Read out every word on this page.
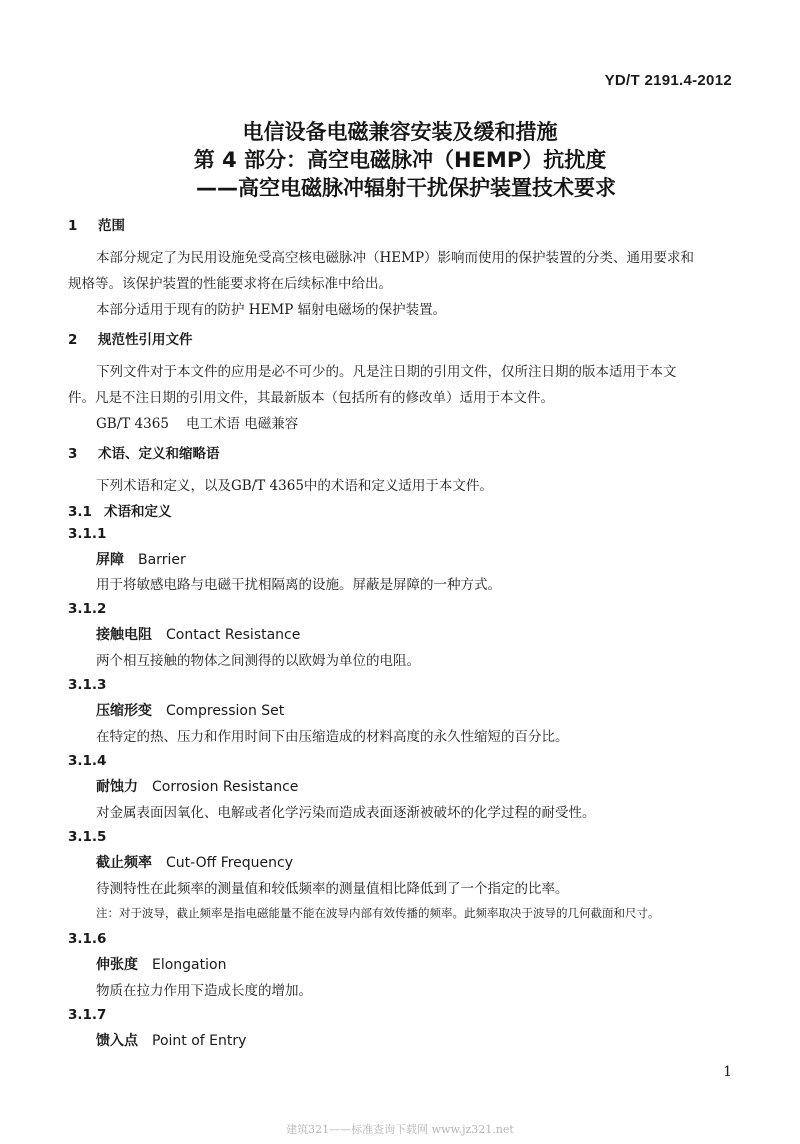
YD/T 2191.4-2012
电信设备电磁兼容安装及缓和措施
第 4 部分：高空电磁脉冲（HEMP）抗扰度
——高空电磁脉冲辐射干扰保护装置技术要求
1 范围
本部分规定了为民用设施免受高空核电磁脉冲（HEMP）影响而使用的保护装置的分类、通用要求和
规格等。该保护装置的性能要求将在后续标准中给出。
本部分适用于现有的防护 HEMP 辐射电磁场的保护装置。
2 规范性引用文件
下列文件对于本文件的应用是必不可少的。凡是注日期的引用文件，仅所注日期的版本适用于本文
件。凡是不注日期的引用文件，其最新版本（包括所有的修改单）适用于本文件。
GB/T 4365 电工术语 电磁兼容
3 术语、定义和缩略语
下列术语和定义，以及GB/T 4365中的术语和定义适用于本文件。
3.1 术语和定义
3.1.1
屏障 Barrier
用于将敏感电路与电磁干扰相隔离的设施。屏蔽是屏障的一种方式。
3.1.2
接触电阻 Contact Resistance
两个相互接触的物体之间测得的以欧姆为单位的电阻。
3.1.3
压缩形变 Compression Set
在特定的热、压力和作用时间下由压缩造成的材料高度的永久性缩短的百分比。
3.1.4
耐蚀力 Corrosion Resistance
对金属表面因氧化、电解或者化学污染而造成表面逐渐被破坏的化学过程的耐受性。
3.1.5
截止频率 Cut-Off Frequency
待测特性在此频率的测量值和较低频率的测量值相比降低到了一个指定的比率。
注：对于波导，截止频率是指电磁能量不能在波导内部有效传播的频率。此频率取决于波导的几何截面和尺寸。
3.1.6
伸张度 Elongation
物质在拉力作用下造成长度的增加。
3.1.7
馈入点 Point of Entry
1
建筑321——标准查询下载网 www.jz321.net
